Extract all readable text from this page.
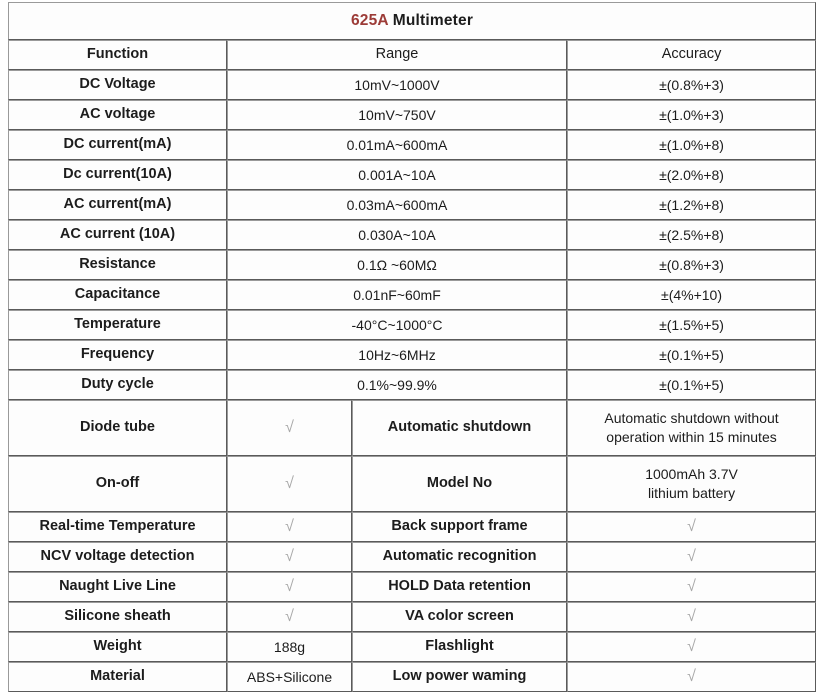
625A Multimeter			
Function	Range		Accuracy
DC Voltage	10mV~1000V		±(0.8%+3)
AC voltage	10mV~750V		±(1.0%+3)
DC current(mA)	0.01mA~600mA		±(1.0%+8)
Dc current(10A)	0.001A~10A		±(2.0%+8)
AC current(mA)	0.03mA~600mA		±(1.2%+8)
AC current (10A)	0.030A~10A		±(2.5%+8)
Resistance	0.1Ω ~60MΩ		±(0.8%+3)
Capacitance	0.01nF~60mF		±(4%+10)
Temperature	-40°C~1000°C		±(1.5%+5)
Frequency	10Hz~6MHz		±(0.1%+5)
Duty cycle	0.1%~99.9%		±(0.1%+5)
Diode tube	√	Automatic shutdown	Automatic shutdown without
operation within 15 minutes

On-off	√	Model No	1000mAh 3.7V
lithium battery

Real-time Temperature	√	Back support frame	√
NCV voltage detection	√	Automatic recognition	√
Naught Live Line	√	HOLD Data retention	√
Silicone sheath	√	VA color screen	√
Weight	188g	Flashlight	√
Material	ABS+Silicone	Low power waming	√
